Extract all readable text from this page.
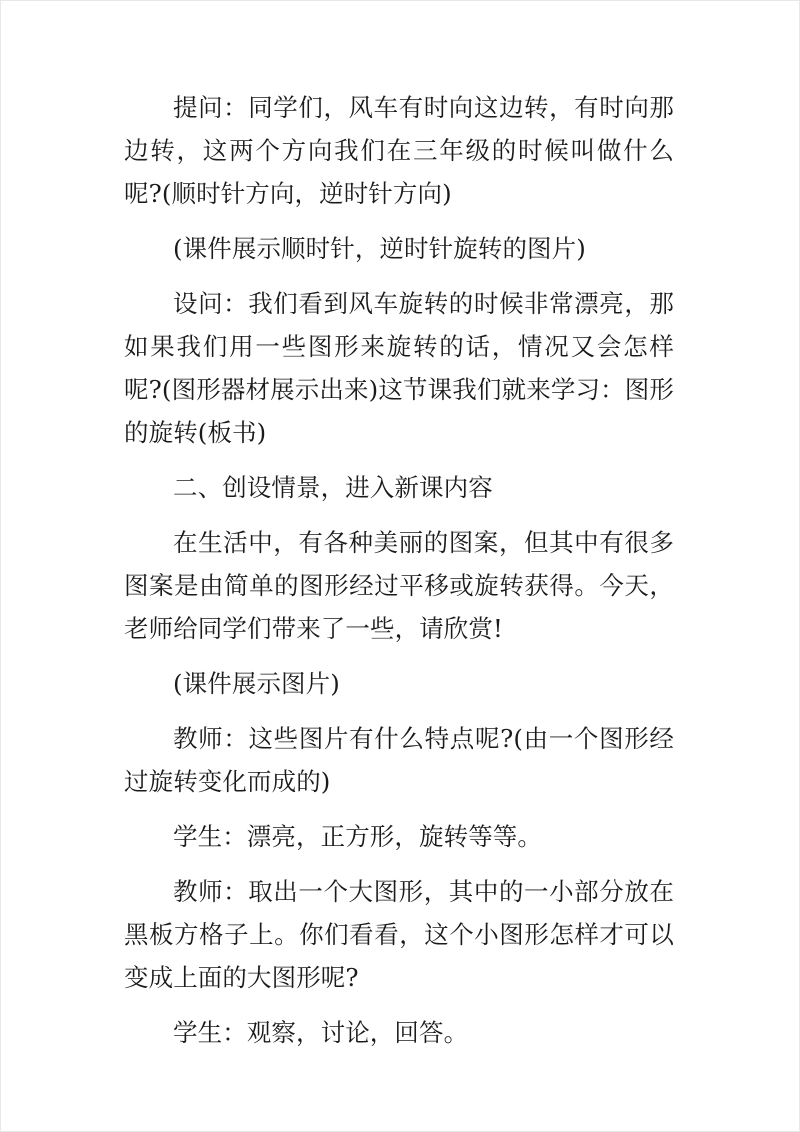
提问：同学们，风车有时向这边转，有时向那边转，这两个方向我们在三年级的时候叫做什么呢?(顺时针方向，逆时针方向)

(课件展示顺时针，逆时针旋转的图片)

设问：我们看到风车旋转的时候非常漂亮，那如果我们用一些图形来旋转的话，情况又会怎样呢?(图形器材展示出来)这节课我们就来学习：图形的旋转(板书)

二、创设情景，进入新课内容

在生活中，有各种美丽的图案，但其中有很多图案是由简单的图形经过平移或旋转获得。今天，老师给同学们带来了一些，请欣赏!

(课件展示图片)

教师：这些图片有什么特点呢?(由一个图形经过旋转变化而成的)

学生：漂亮，正方形，旋转等等。

教师：取出一个大图形，其中的一小部分放在黑板方格子上。你们看看，这个小图形怎样才可以变成上面的大图形呢?

学生：观察，讨论，回答。
